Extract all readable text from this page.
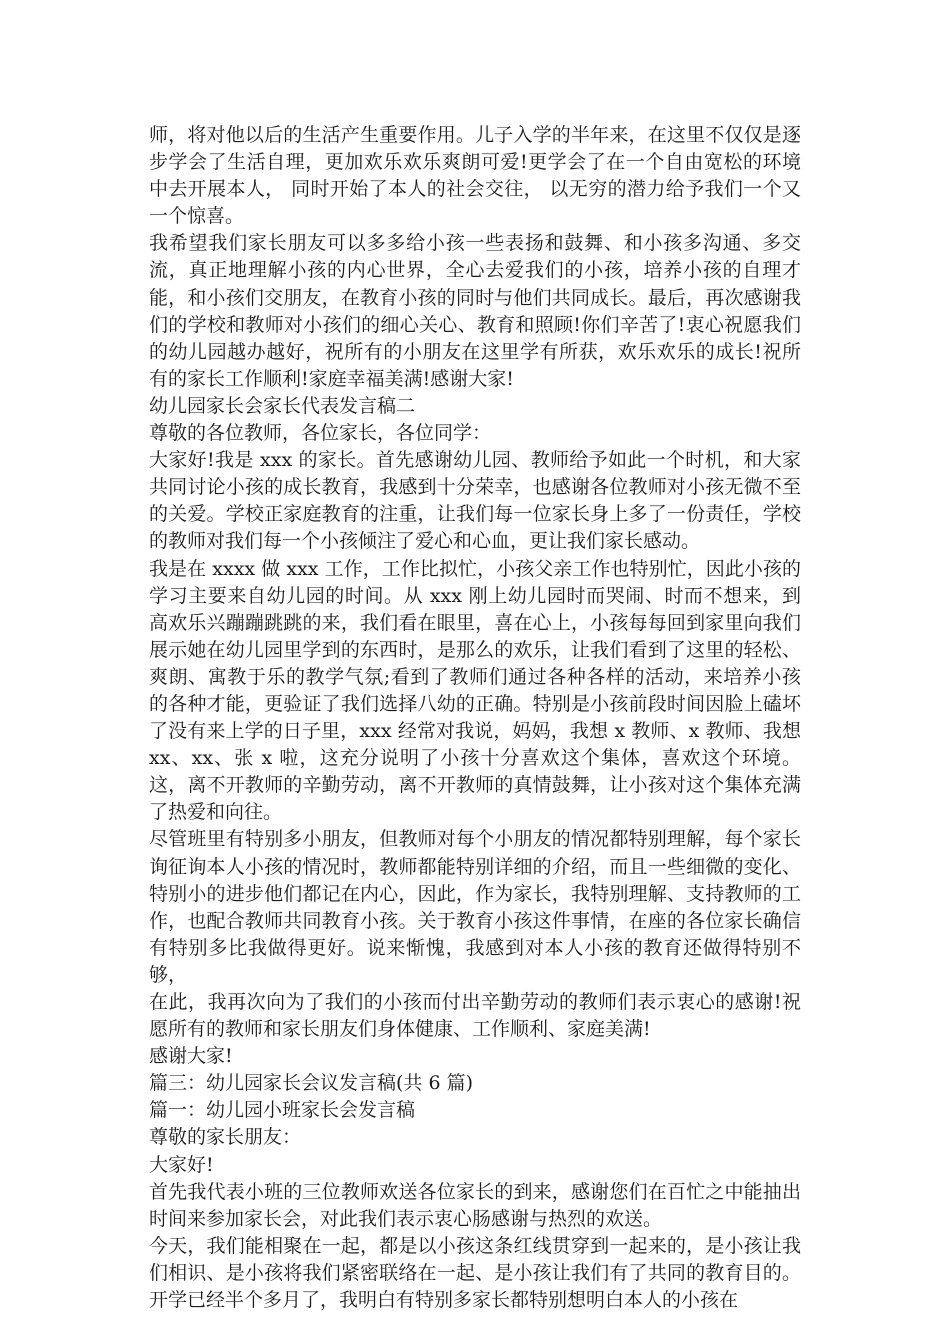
师，将对他以后的生活产生重要作用。儿子入学的半年来，在这里不仅仅是逐步学会了生活自理，更加欢乐欢乐爽朗可爱!更学会了在一个自由宽松的环境中去开展本人， 同时开始了本人的社会交往， 以无穷的潜力给予我们一个又一个惊喜。

我希望我们家长朋友可以多多给小孩一些表扬和鼓舞、和小孩多沟通、多交流，真正地理解小孩的内心世界，全心去爱我们的小孩，培养小孩的自理才能，和小孩们交朋友，在教育小孩的同时与他们共同成长。最后，再次感谢我们的学校和教师对小孩们的细心关心、教育和照顾!你们辛苦了!衷心祝愿我们的幼儿园越办越好，祝所有的小朋友在这里学有所获，欢乐欢乐的成长!祝所有的家长工作顺利!家庭幸福美满!感谢大家!

幼儿园家长会家长代表发言稿二

尊敬的各位教师，各位家长，各位同学：

大家好!我是 xxx 的家长。首先感谢幼儿园、教师给予如此一个时机，和大家共同讨论小孩的成长教育，我感到十分荣幸，也感谢各位教师对小孩无微不至的关爱。学校正家庭教育的注重，让我们每一位家长身上多了一份责任，学校的教师对我们每一个小孩倾注了爱心和心血，更让我们家长感动。

我是在 xxxx 做 xxx 工作，工作比拟忙，小孩父亲工作也特别忙，因此小孩的学习主要来自幼儿园的时间。从 xxx 刚上幼儿园时而哭闹、时而不想来，到高欢乐兴蹦蹦跳跳的来，我们看在眼里，喜在心上，小孩每每回到家里向我们展示她在幼儿园里学到的东西时，是那么的欢乐，让我们看到了这里的轻松、爽朗、寓教于乐的教学气氛;看到了教师们通过各种各样的活动，来培养小孩的各种才能，更验证了我们选择八幼的正确。特别是小孩前段时间因脸上磕坏了没有来上学的日子里，xxx 经常对我说，妈妈，我想 x 教师、x 教师、我想 xx、xx、张 x 啦，这充分说明了小孩十分喜欢这个集体，喜欢这个环境。这，离不开教师的辛勤劳动，离不开教师的真情鼓舞，让小孩对这个集体充满了热爱和向往。

尽管班里有特别多小朋友，但教师对每个小朋友的情况都特别理解，每个家长询征询本人小孩的情况时，教师都能特别详细的介绍，而且一些细微的变化、特别小的进步他们都记在内心，因此，作为家长，我特别理解、支持教师的工作，也配合教师共同教育小孩。关于教育小孩这件事情，在座的各位家长确信有特别多比我做得更好。说来惭愧，我感到对本人小孩的教育还做得特别不够，

在此，我再次向为了我们的小孩而付出辛勤劳动的教师们表示衷心的感谢!祝愿所有的教师和家长朋友们身体健康、工作顺利、家庭美满!

感谢大家!

篇三：幼儿园家长会议发言稿(共 6 篇)

篇一：幼儿园小班家长会发言稿

尊敬的家长朋友：

大家好!

首先我代表小班的三位教师欢送各位家长的到来，感谢您们在百忙之中能抽出时间来参加家长会，对此我们表示衷心肠感谢与热烈的欢送。

今天，我们能相聚在一起，都是以小孩这条红线贯穿到一起来的，是小孩让我们相识、是小孩将我们紧密联络在一起、是小孩让我们有了共同的教育目的。开学已经半个多月了，我明白有特别多家长都特别想明白本人的小孩在
